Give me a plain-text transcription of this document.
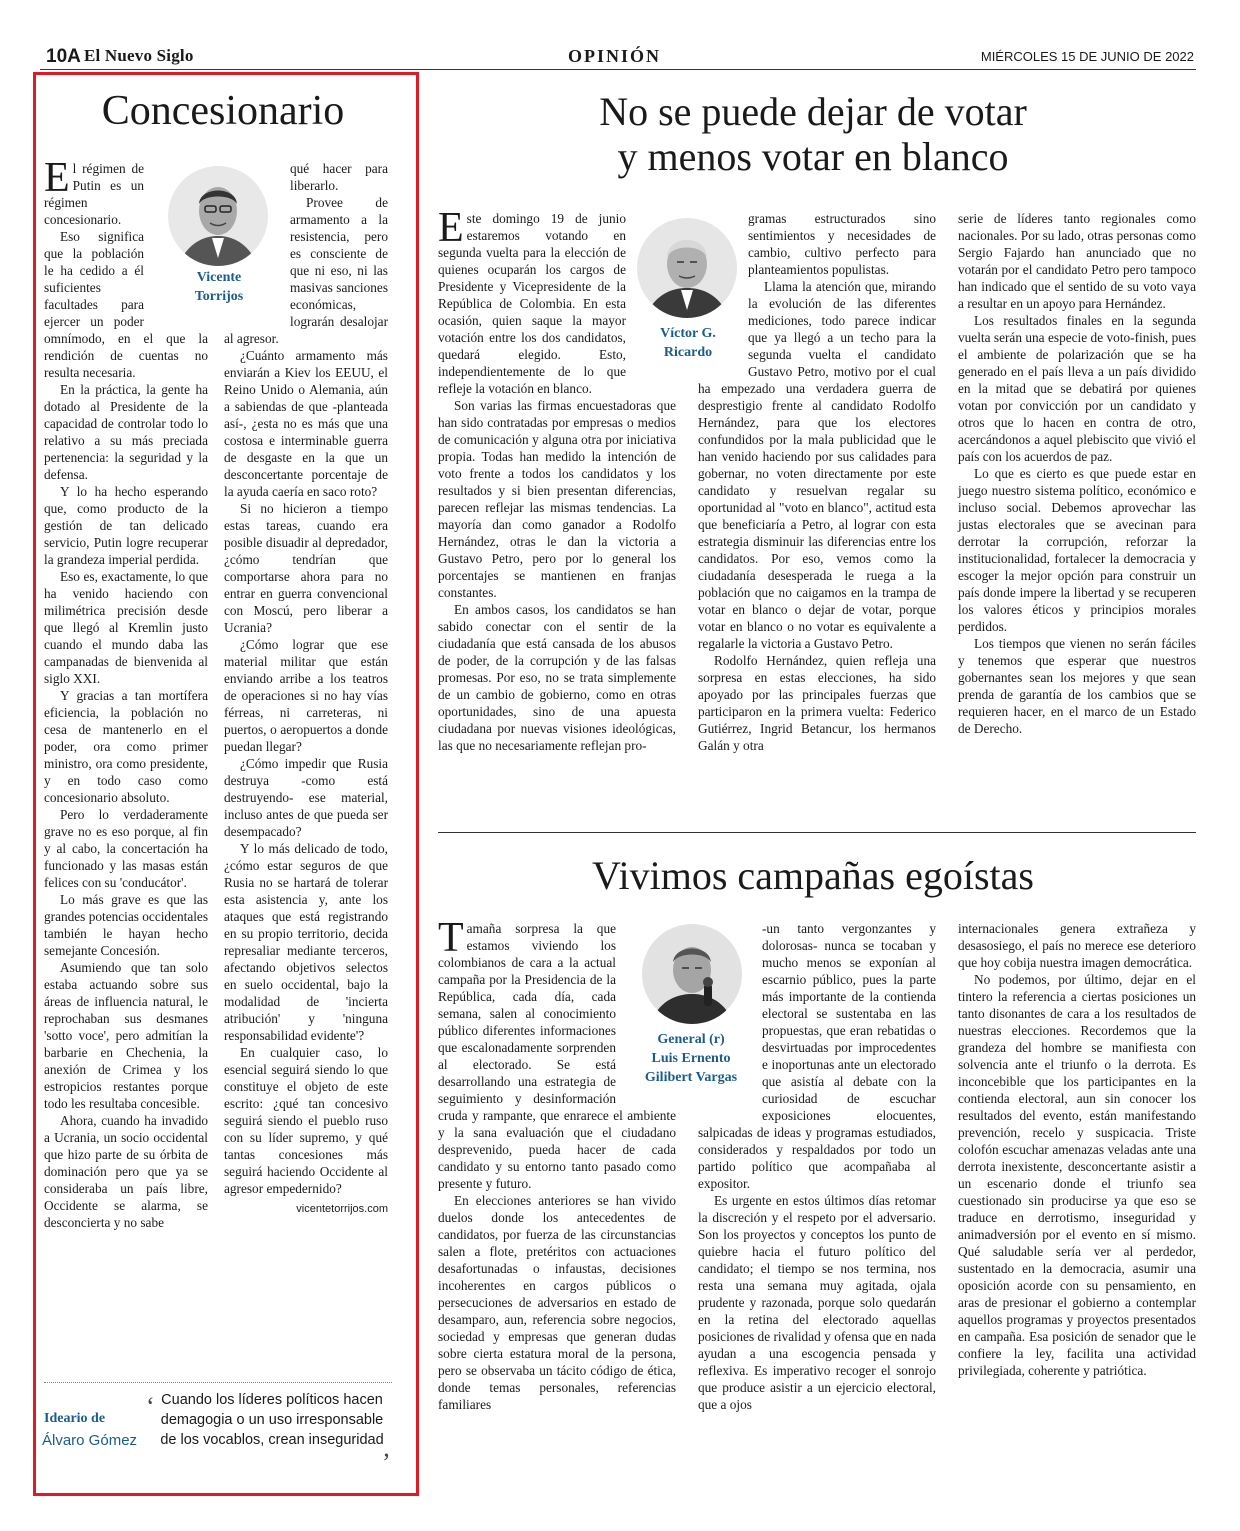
10A El Nuevo Siglo	OPINIÓN	MIÉRCOLES 15 DE JUNIO DE 2022
Concesionario
Vicente
Torrijos

El régimen de Putin es un régimen concesionario.

Eso significa que la población le ha cedido a él suficientes facultades para ejercer un poder omnímodo, en el que la rendición de cuentas no resulta necesaria.

En la práctica, la gente ha dotado al Presidente de la capacidad de controlar todo lo relativo a su más preciada pertenencia: la seguridad y la defensa.

Y lo ha hecho esperando que, como producto de la gestión de tan delicado servicio, Putin logre recuperar la grandeza imperial perdida.

Eso es, exactamente, lo que ha venido haciendo con milimétrica precisión desde que llegó al Kremlin justo cuando el mundo daba las campanadas de bienvenida al siglo XXI.

Y gracias a tan mortífera eficiencia, la población no cesa de mantenerlo en el poder, ora como primer ministro, ora como presidente, y en todo caso como concesionario absoluto.

Pero lo verdaderamente grave no es eso porque, al fin y al cabo, la concertación ha funcionado y las masas están felices con su 'conducátor'.

Lo más grave es que las grandes potencias occidentales también le hayan hecho semejante Concesión.

Asumiendo que tan solo estaba actuando sobre sus áreas de influencia natural, le reprochaban sus desmanes 'sotto voce', pero admitían la barbarie en Chechenia, la anexión de Crimea y los estropicios restantes porque todo les resultaba concesible.

Ahora, cuando ha invadido a Ucrania, un socio occidental que hizo parte de su órbita de dominación pero que ya se consideraba un país libre, Occidente se alarma, se desconcierta y no sabe

qué hacer para liberarlo.

Provee de armamento a la resistencia, pero es consciente de que ni eso, ni las masivas sanciones económicas, lograrán desalojar al agresor.

¿Cuánto armamento más enviarán a Kiev los EEUU, el Reino Unido o Alemania, aún a sabiendas de que -planteada así-, ¿esta no es más que una costosa e interminable guerra de desgaste en la que un desconcertante porcentaje de la ayuda caería en saco roto?

Si no hicieron a tiempo estas tareas, cuando era posible disuadir al depredador, ¿cómo tendrían que comportarse ahora para no entrar en guerra convencional con Moscú, pero liberar a Ucrania?

¿Cómo lograr que ese material militar que están enviando arribe a los teatros de operaciones si no hay vías férreas, ni carreteras, ni puertos, o aeropuertos a donde puedan llegar?

¿Cómo impedir que Rusia destruya -como está destruyendo- ese material, incluso antes de que pueda ser desempacado?

Y lo más delicado de todo, ¿cómo estar seguros de que Rusia no se hartará de tolerar esta asistencia y, ante los ataques que está registrando en su propio territorio, decida represaliar mediante terceros, afectando objetivos selectos en suelo occidental, bajo la modalidad de 'incierta atribución' y 'ninguna responsabilidad evidente'?

En cualquier caso, lo esencial seguirá siendo lo que constituye el objeto de este escrito: ¿qué tan concesivo seguirá siendo el pueblo ruso con su líder supremo, y qué tantas concesiones más seguirá haciendo Occidente al agresor empedernido?

vicentetorrijos.com
Ideario de
Álvaro Gómez
‘ Cuando los líderes políticos hacen demagogia o un uso irresponsable de los vocablos, crean inseguridad
’
No se puede dejar de votar
y menos votar en blanco
Víctor G.
Ricardo

Este domingo 19 de junio estaremos votando en segunda vuelta para la elección de quienes ocuparán los cargos de Presidente y Vicepresidente de la República de Colombia. En esta ocasión, quien saque la mayor votación entre los dos candidatos, quedará elegido. Esto, independientemente de lo que refleje la votación en blanco.

Son varias las firmas encuestadoras que han sido contratadas por empresas o medios de comunicación y alguna otra por iniciativa propia. Todas han medido la intención de voto frente a todos los candidatos y los resultados y si bien presentan diferencias, parecen reflejar las mismas tendencias. La mayoría dan como ganador a Rodolfo Hernández, otras le dan la victoria a Gustavo Petro, pero por lo general los porcentajes se mantienen en franjas constantes.

En ambos casos, los candidatos se han sabido conectar con el sentir de la ciudadanía que está cansada de los abusos de poder, de la corrupción y de las falsas promesas. Por eso, no se trata simplemente de un cambio de gobierno, como en otras oportunidades, sino de una apuesta ciudadana por nuevas visiones ideológicas, las que no necesariamente reflejan pro-

gramas estructurados sino sentimientos y necesidades de cambio, cultivo perfecto para planteamientos populistas.

Llama la atención que, mirando la evolución de las diferentes mediciones, todo parece indicar que ya llegó a un techo para la segunda vuelta el candidato Gustavo Petro, motivo por el cual ha empezado una verdadera guerra de desprestigio frente al candidato Rodolfo Hernández, para que los electores confundidos por la mala publicidad que le han venido haciendo por sus calidades para gobernar, no voten directamente por este candidato y resuelvan regalar su oportunidad al "voto en blanco", actitud esta que beneficiaría a Petro, al lograr con esta estrategia disminuir las diferencias entre los candidatos. Por eso, vemos como la ciudadanía desesperada le ruega a la población que no caigamos en la trampa de votar en blanco o dejar de votar, porque votar en blanco o no votar es equivalente a regalarle la victoria a Gustavo Petro.

Rodolfo Hernández, quien refleja una sorpresa en estas elecciones, ha sido apoyado por las principales fuerzas que participaron en la primera vuelta: Federico Gutiérrez, Ingrid Betancur, los hermanos Galán y otra

serie de líderes tanto regionales como nacionales. Por su lado, otras personas como Sergio Fajardo han anunciado que no votarán por el candidato Petro pero tampoco han indicado que el sentido de su voto vaya a resultar en un apoyo para Hernández.

Los resultados finales en la segunda vuelta serán una especie de voto-finish, pues el ambiente de polarización que se ha generado en el país lleva a un país dividido en la mitad que se debatirá por quienes votan por convicción por un candidato y otros que lo hacen en contra de otro, acercándonos a aquel plebiscito que vivió el país con los acuerdos de paz.

Lo que es cierto es que puede estar en juego nuestro sistema político, económico e incluso social. Debemos aprovechar las justas electorales que se avecinan para derrotar la corrupción, reforzar la institucionalidad, fortalecer la democracia y escoger la mejor opción para construir un país donde impere la libertad y se recuperen los valores éticos y principios morales perdidos.

Los tiempos que vienen no serán fáciles y tenemos que esperar que nuestros gobernantes sean los mejores y que sean prenda de garantía de los cambios que se requieren hacer, en el marco de un Estado de Derecho.

Vivimos campañas egoístas
General (r)
Luis Ernento
Gilibert Vargas

Tamaña sorpresa la que estamos viviendo los colombianos de cara a la actual campaña por la Presidencia de la República, cada día, cada semana, salen al conocimiento público diferentes informaciones que escalonadamente sorprenden al electorado. Se está desarrollando una estrategia de seguimiento y desinformación cruda y rampante, que enrarece el ambiente y la sana evaluación que el ciudadano desprevenido, pueda hacer de cada candidato y su entorno tanto pasado como presente y futuro.

En elecciones anteriores se han vivido duelos donde los antecedentes de candidatos, por fuerza de las circunstancias salen a flote, pretéritos con actuaciones desafortunadas o infaustas, decisiones incoherentes en cargos públicos o persecuciones de adversarios en estado de desamparo, aun, referencia sobre negocios, sociedad y empresas que generan dudas sobre cierta estatura moral de la persona, pero se observaba un tácito código de ética, donde temas personales, referencias familiares

-un tanto vergonzantes y dolorosas- nunca se tocaban y mucho menos se exponían al escarnio público, pues la parte más importante de la contienda electoral se sustentaba en las propuestas, que eran rebatidas o desvirtuadas por improcedentes e inoportunas ante un electorado que asistía al debate con la curiosidad de escuchar exposiciones elocuentes, salpicadas de ideas y programas estudiados, considerados y respaldados por todo un partido político que acompañaba al expositor.

Es urgente en estos últimos días retomar la discreción y el respeto por el adversario. Son los proyectos y conceptos los punto de quiebre hacia el futuro político del candidato; el tiempo se nos termina, nos resta una semana muy agitada, ojala prudente y razonada, porque solo quedarán en la retina del electorado aquellas posiciones de rivalidad y ofensa que en nada ayudan a una escogencia pensada y reflexiva. Es imperativo recoger el sonrojo que produce asistir a un ejercicio electoral, que a ojos

internacionales genera extrañeza y desasosiego, el país no merece ese deterioro que hoy cobija nuestra imagen democrática.

No podemos, por último, dejar en el tintero la referencia a ciertas posiciones un tanto disonantes de cara a los resultados de nuestras elecciones. Recordemos que la grandeza del hombre se manifiesta con solvencia ante el triunfo o la derrota. Es inconcebible que los participantes en la contienda electoral, aun sin conocer los resultados del evento, están manifestando prevención, recelo y suspicacia. Triste colofón escuchar amenazas veladas ante una derrota inexistente, desconcertante asistir a un escenario donde el triunfo sea cuestionado sin producirse ya que eso se traduce en derrotismo, inseguridad y animadversión por el evento en sí mismo. Qué saludable sería ver al perdedor, sustentado en la democracia, asumir una oposición acorde con su pensamiento, en aras de presionar el gobierno a contemplar aquellos programas y proyectos presentados en campaña. Esa posición de senador que le confiere la ley, facilita una actividad privilegiada, coherente y patriótica.
